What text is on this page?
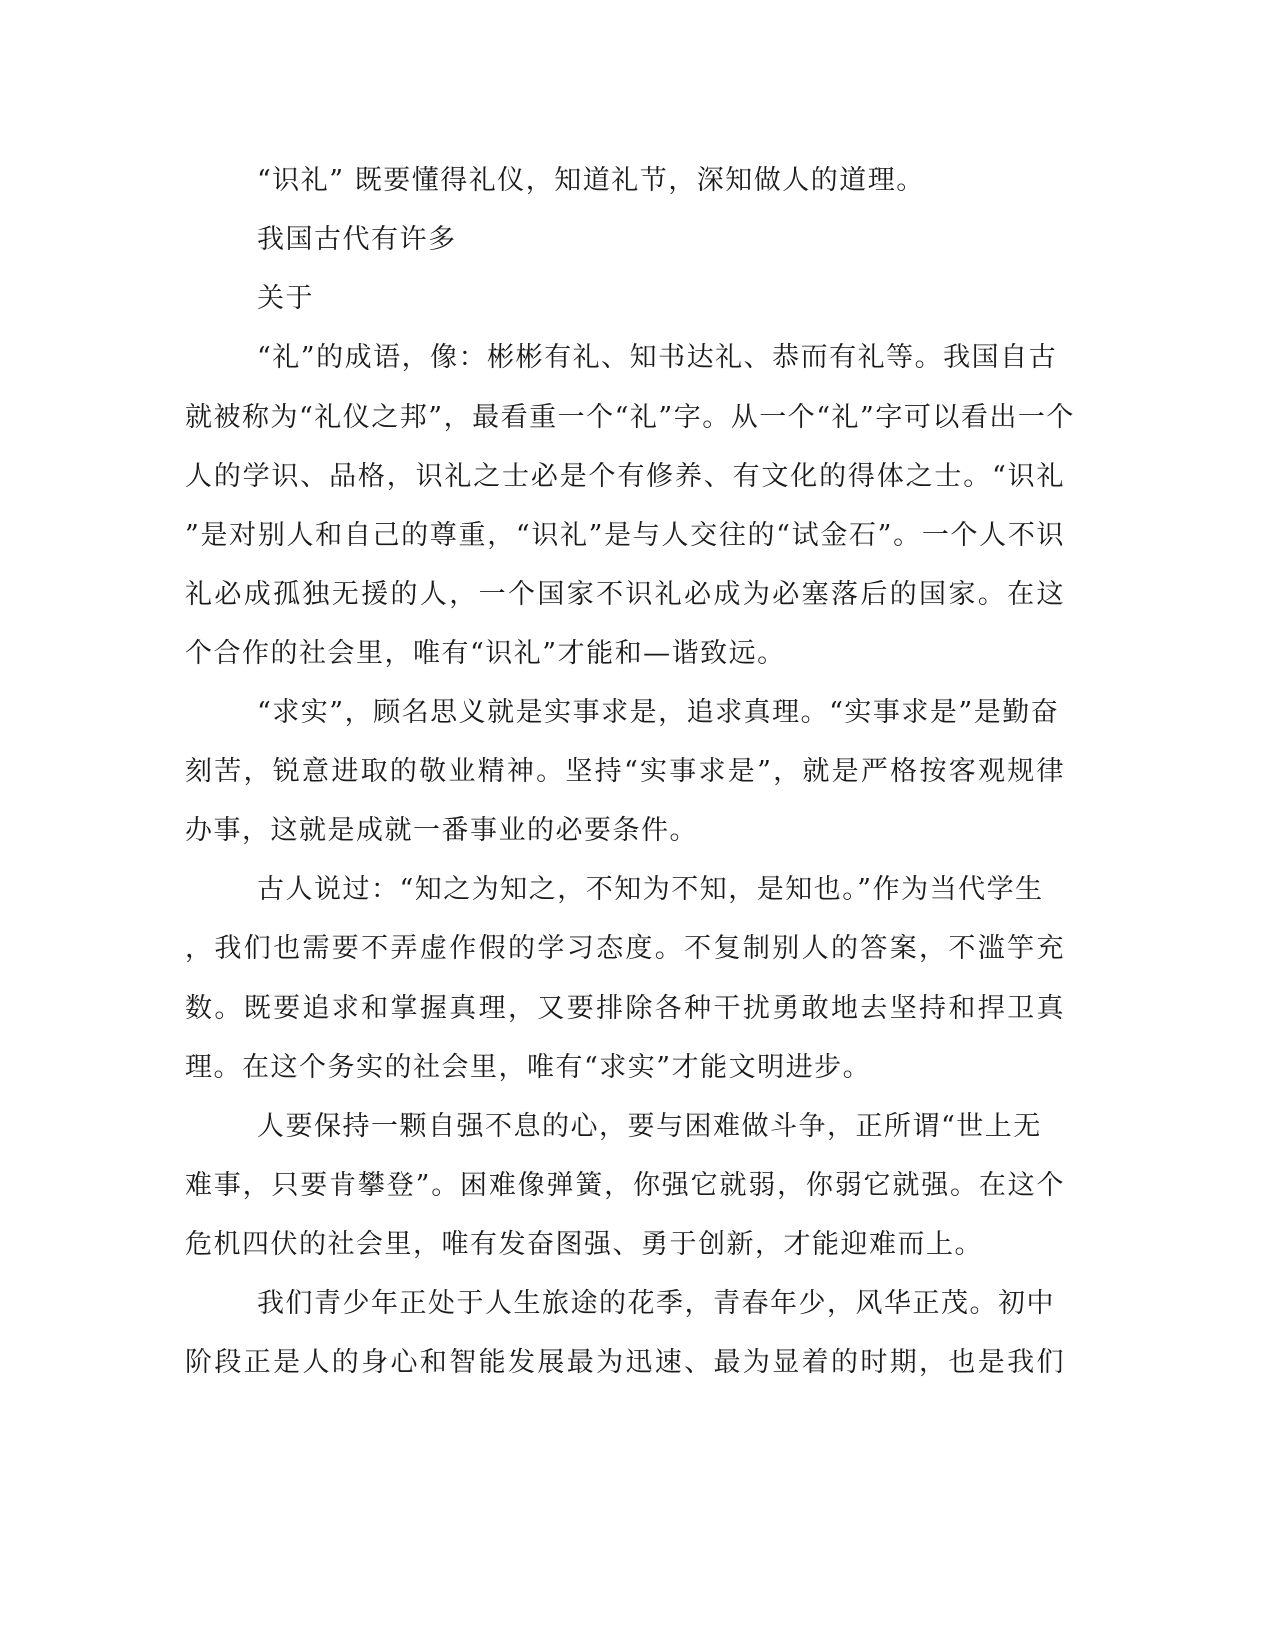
“识礼” 既要懂得礼仪，知道礼节，深知做人的道理。
我国古代有许多
关于
“礼”的成语，像：彬彬有礼、知书达礼、恭而有礼等。我国自古
就被称为“礼仪之邦”，最看重一个“礼”字。从一个“礼”字可以看出一个
人的学识、品格，识礼之士必是个有修养、有文化的得体之士。“识礼
”是对别人和自己的尊重，“识礼”是与人交往的“试金石”。一个人不识
礼必成孤独无援的人，一个国家不识礼必成为必塞落后的国家。在这
个合作的社会里，唯有“识礼”才能和—谐致远。
“求实”，顾名思义就是实事求是，追求真理。“实事求是”是勤奋
刻苦，锐意进取的敬业精神。坚持“实事求是”，就是严格按客观规律
办事，这就是成就一番事业的必要条件。
古人说过：“知之为知之，不知为不知，是知也。”作为当代学生
，我们也需要不弄虚作假的学习态度。不复制别人的答案，不滥竽充
数。既要追求和掌握真理，又要排除各种干扰勇敢地去坚持和捍卫真
理。在这个务实的社会里，唯有“求实”才能文明进步。
人要保持一颗自强不息的心，要与困难做斗争，正所谓“世上无
难事，只要肯攀登”。困难像弹簧，你强它就弱，你弱它就强。在这个
危机四伏的社会里，唯有发奋图强、勇于创新，才能迎难而上。
我们青少年正处于人生旅途的花季，青春年少，风华正茂。初中
阶段正是人的身心和智能发展最为迅速、最为显着的时期，也是我们
